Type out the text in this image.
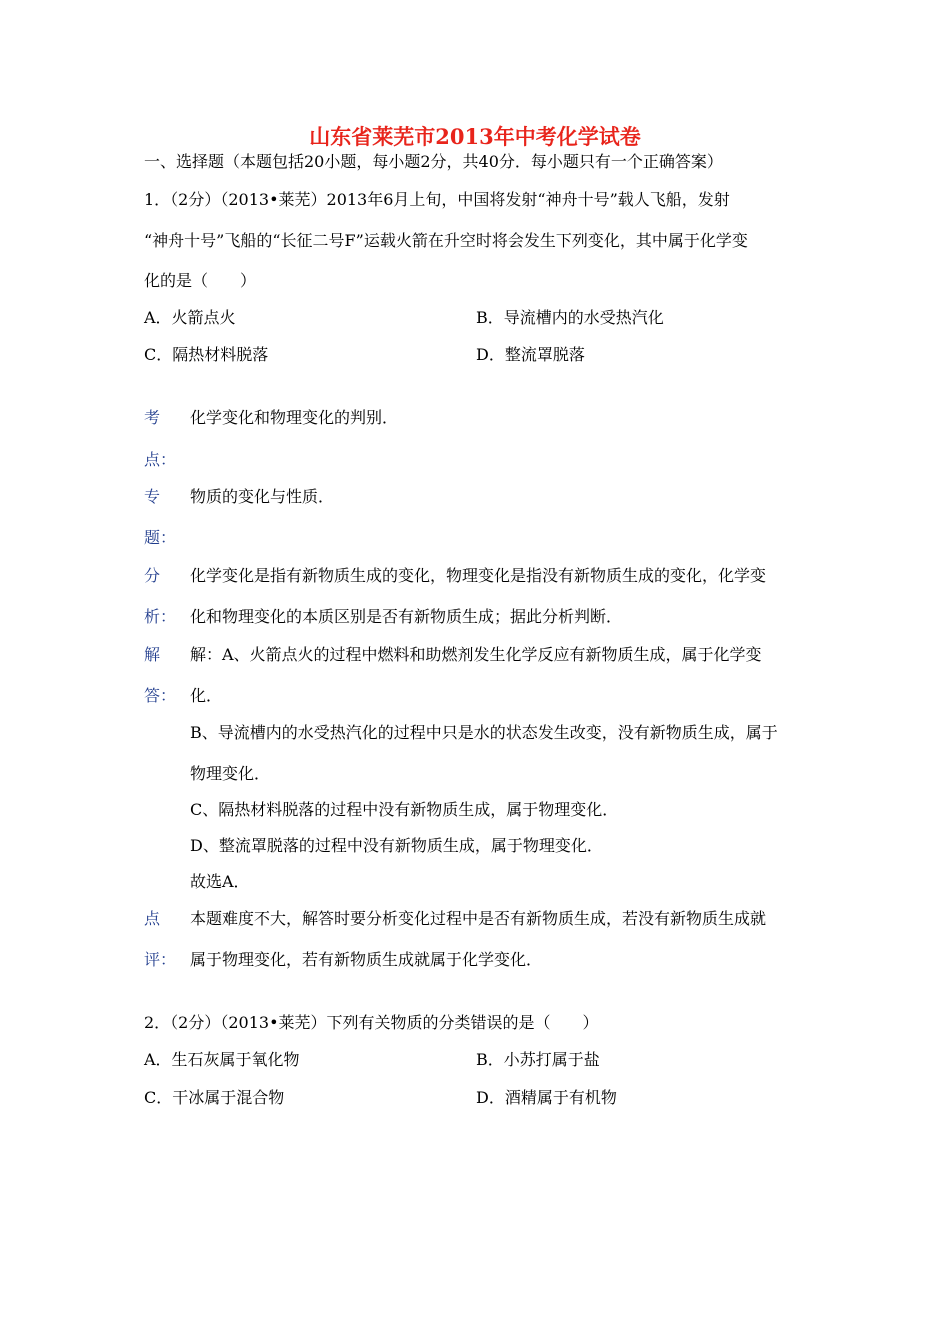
山东省莱芜市2013年中考化学试卷
一、选择题（本题包括20小题，每小题2分，共40分．每小题只有一个正确答案）
1．（2分）（2013•莱芜）2013年6月上旬，中国将发射“神舟十号”载人飞船，发射
“神舟十号”飞船的“长征二号F”运载火箭在升空时将会发生下列变化，其中属于化学变
化的是（　　）
A．火箭点火	B．导流槽内的水受热汽化
C．隔热材料脱落	D．整流罩脱落
考
点：
化学变化和物理变化的判别．
专
题：
物质的变化与性质．
分
析：
化学变化是指有新物质生成的变化，物理变化是指没有新物质生成的变化，化学变
化和物理变化的本质区别是否有新物质生成；据此分析判断．
解
答：
解：A、火箭点火的过程中燃料和助燃剂发生化学反应有新物质生成，属于化学变
化．
B、导流槽内的水受热汽化的过程中只是水的状态发生改变，没有新物质生成，属于
物理变化．
C、隔热材料脱落的过程中没有新物质生成，属于物理变化．
D、整流罩脱落的过程中没有新物质生成，属于物理变化．
故选A．
点
评：
本题难度不大，解答时要分析变化过程中是否有新物质生成，若没有新物质生成就
属于物理变化，若有新物质生成就属于化学变化．
2．（2分）（2013•莱芜）下列有关物质的分类错误的是（　　）
A．生石灰属于氧化物	B．小苏打属于盐
C．干冰属于混合物	D．酒精属于有机物
